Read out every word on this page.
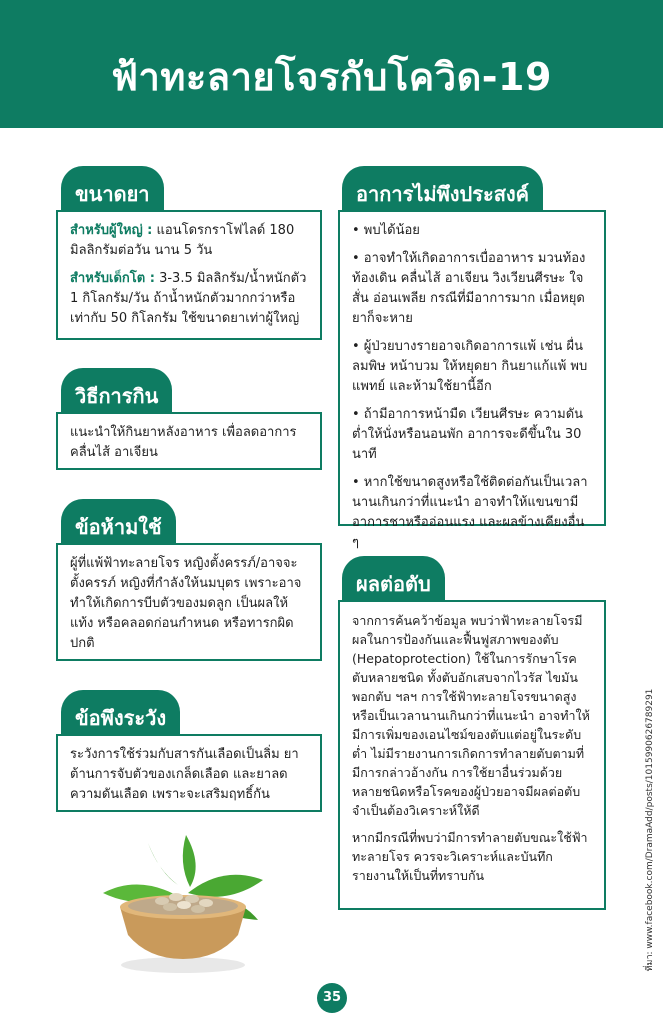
ฟ้าทะลายโจรกับโควิด-19
ขนาดยา

สำหรับผู้ใหญ่ : แอนโดรกราโฟไลด์ 180 มิลลิกรัมต่อวัน นาน 5 วัน

สำหรับเด็กโต : 3-3.5 มิลลิกรัม/น้ำหนักตัว 1 กิโลกรัม/วัน ถ้าน้ำหนักตัวมากกว่าหรือเท่ากับ 50 กิโลกรัม ใช้ขนาดยาเท่าผู้ใหญ่

วิธีการกิน

แนะนำให้กินยาหลังอาหาร เพื่อลดอาการคลื่นไส้ อาเจียน

ข้อห้ามใช้

ผู้ที่แพ้ฟ้าทะลายโจร หญิงตั้งครรภ์/อาจจะตั้งครรภ์ หญิงที่กำลังให้นมบุตร เพราะอาจทำให้เกิดการบีบตัวของมดลูก เป็นผลให้แท้ง หรือคลอดก่อนกำหนด หรือทารกผิดปกติ

ข้อพึงระวัง

ระวังการใช้ร่วมกับสารกันเลือดเป็นลิ่ม ยาต้านการจับตัวของเกล็ดเลือด และยาลดความดันเลือด เพราะจะเสริมฤทธิ์กัน

อาการไม่พึงประสงค์
• พบได้น้อย
• อาจทำให้เกิดอาการเบื่ออาหาร มวนท้อง ท้องเดิน คลื่นไส้ อาเจียน วิงเวียนศีรษะ ใจสั่น อ่อนเพลีย กรณีที่มีอาการมาก เมื่อหยุดยาก็จะหาย
• ผู้ป่วยบางรายอาจเกิดอาการแพ้ เช่น ผื่นลมพิษ หน้าบวม ให้หยุดยา กินยาแก้แพ้ พบแพทย์ และห้ามใช้ยานี้อีก
• ถ้ามีอาการหน้ามืด เวียนศีรษะ ความดันต่ำให้นั่งหรือนอนพัก อาการจะดีขึ้นใน 30 นาที
• หากใช้ขนาดสูงหรือใช้ติดต่อกันเป็นเวลานานเกินกว่าที่แนะนำ อาจทำให้แขนขามีอาการชาหรืออ่อนแรง และผลข้างเคียงอื่น ๆ
ผลต่อตับ

จากการค้นคว้าข้อมูล พบว่าฟ้าทะลายโจรมีผลในการป้องกันและฟื้นฟูสภาพของตับ (Hepatoprotection) ใช้ในการรักษาโรคตับหลายชนิด ทั้งตับอักเสบจากไวรัส ไขมันพอกตับ ฯลฯ การใช้ฟ้าทะลายโจรขนาดสูงหรือเป็นเวลานานเกินกว่าที่แนะนำ อาจทำให้มีการเพิ่มของเอนไซม์ของตับแต่อยู่ในระดับต่ำ ไม่มีรายงานการเกิดการทำลายตับตามที่มีการกล่าวอ้างกัน การใช้ยาอื่นร่วมด้วยหลายชนิดหรือโรคของผู้ป่วยอาจมีผลต่อตับ จำเป็นต้องวิเคราะห์ให้ดี

หากมีกรณีที่พบว่ามีการทำลายตับขณะใช้ฟ้าทะลายโจร ควรจะวิเคราะห์และบันทึกรายงานให้เป็นที่ทราบกัน	ที่มา: www.facebook.com/DramaAdd/posts/1015990626789291
35
